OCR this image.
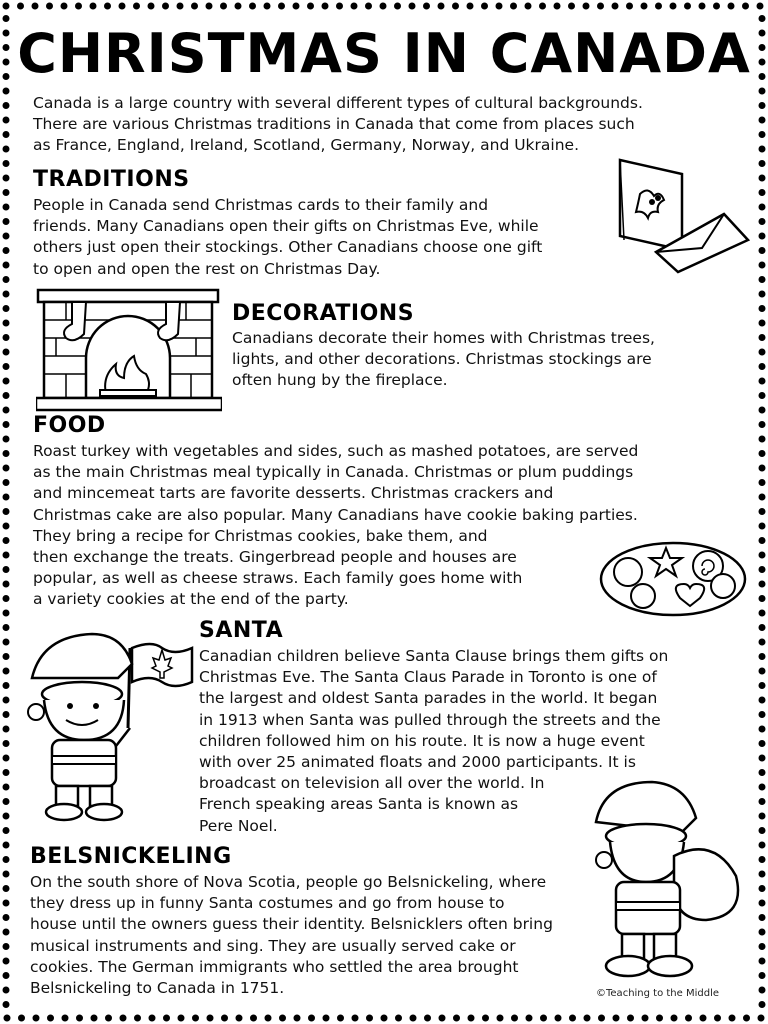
CHRISTMAS IN CANADA
Canada is a large country with several different types of cultural backgrounds.
There are various Christmas traditions in Canada that come from places such
as France, England, Ireland, Scotland, Germany, Norway, and Ukraine.
TRADITIONS
People in Canada send Christmas cards to their family and
friends. Many Canadians open their gifts on Christmas Eve, while
others just open their stockings. Other Canadians choose one gift
to open and open the rest on Christmas Day.
DECORATIONS
Canadians decorate their homes with Christmas trees,
lights, and other decorations. Christmas stockings are
often hung by the fireplace.
FOOD
Roast turkey with vegetables and sides, such as mashed potatoes, are served
as the main Christmas meal typically in Canada. Christmas or plum puddings
and mincemeat tarts are favorite desserts. Christmas crackers and
Christmas cake are also popular. Many Canadians have cookie baking parties.
They bring a recipe for Christmas cookies, bake them, and
then exchange the treats. Gingerbread people and houses are
popular, as well as cheese straws. Each family goes home with
a variety cookies at the end of the party.
SANTA
Canadian children believe Santa Clause brings them gifts on
Christmas Eve. The Santa Claus Parade in Toronto is one of
the largest and oldest Santa parades in the world. It began
in 1913 when Santa was pulled through the streets and the
children followed him on his route. It is now a huge event
with over 25 animated floats and 2000 participants. It is
broadcast on television all over the world. In
French speaking areas Santa is known as
Pere Noel.
BELSNICKELING
On the south shore of Nova Scotia, people go Belsnickeling, where
they dress up in funny Santa costumes and go from house to
house until the owners guess their identity. Belsnicklers often bring
musical instruments and sing. They are usually served cake or
cookies. The German immigrants who settled the area brought
Belsnickeling to Canada in 1751.	©Teaching to the Middle
